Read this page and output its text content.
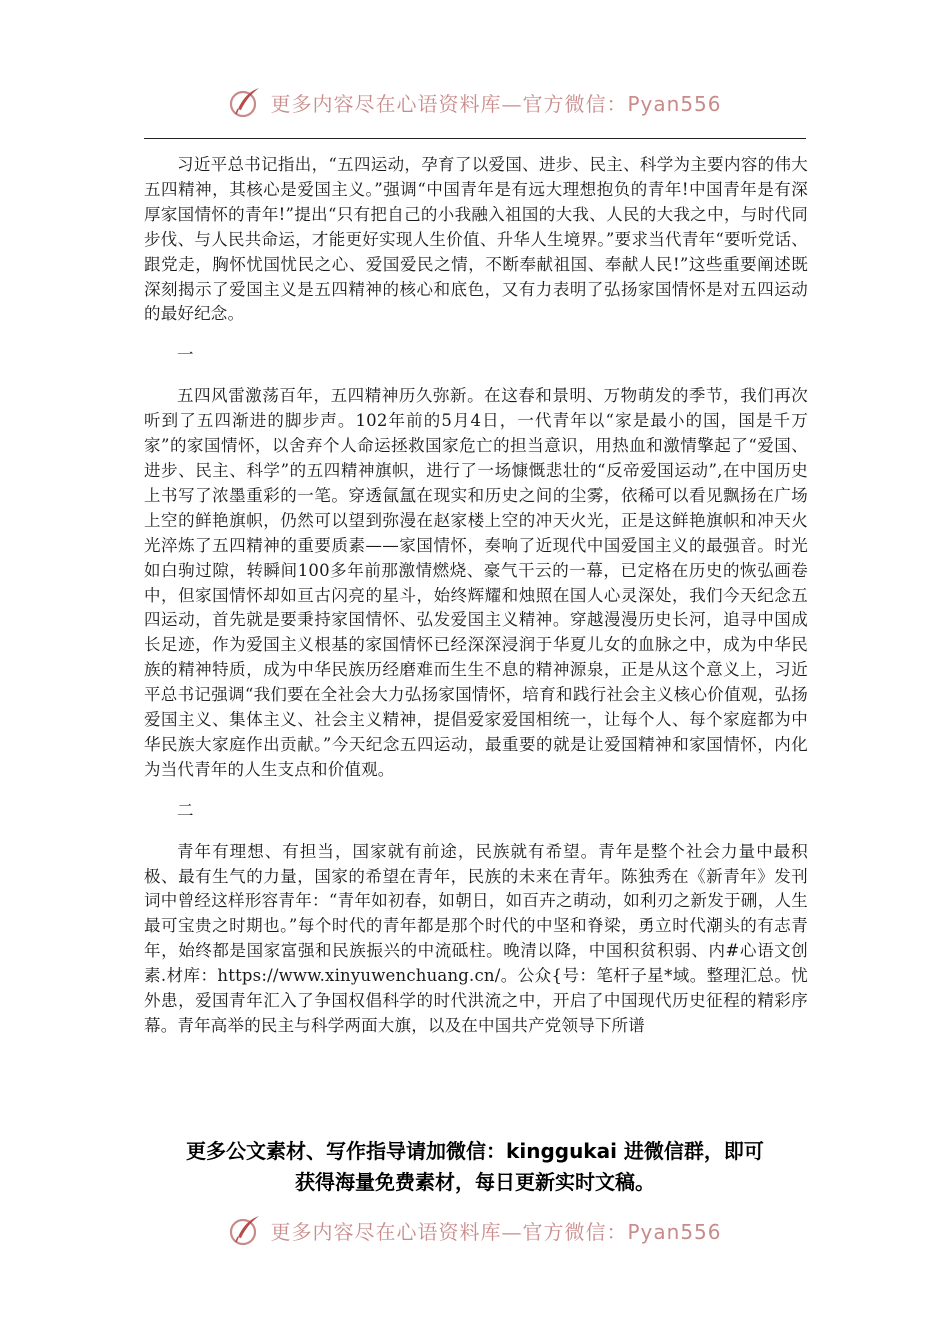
更多内容尽在心语资料库—官方微信：Pyan556

习近平总书记指出，“五四运动，孕育了以爱国、进步、民主、科学为主要内容的伟大五四精神，其核心是爱国主义。”强调“中国青年是有远大理想抱负的青年!中国青年是有深厚家国情怀的青年!”提出“只有把自己的小我融入祖国的大我、人民的大我之中，与时代同步伐、与人民共命运，才能更好实现人生价值、升华人生境界。”要求当代青年“要听党话、跟党走，胸怀忧国忧民之心、爱国爱民之情，不断奉献祖国、奉献人民!”这些重要阐述既深刻揭示了爱国主义是五四精神的核心和底色，又有力表明了弘扬家国情怀是对五四运动的最好纪念。

一

五四风雷激荡百年，五四精神历久弥新。在这春和景明、万物萌发的季节，我们再次听到了五四渐进的脚步声。102年前的5月4日，一代青年以“家是最小的国，国是千万家”的家国情怀，以舍弃个人命运拯救国家危亡的担当意识，用热血和激情擎起了“爱国、进步、民主、科学”的五四精神旗帜，进行了一场慷慨悲壮的“反帝爱国运动”,在中国历史上书写了浓墨重彩的一笔。穿透氤氲在现实和历史之间的尘雾，依稀可以看见飘扬在广场上空的鲜艳旗帜，仍然可以望到弥漫在赵家楼上空的冲天火光，正是这鲜艳旗帜和冲天火光淬炼了五四精神的重要质素——家国情怀，奏响了近现代中国爱国主义的最强音。时光如白驹过隙，转瞬间100多年前那激情燃烧、豪气干云的一幕，已定格在历史的恢弘画卷中，但家国情怀却如亘古闪亮的星斗，始终辉耀和烛照在国人心灵深处，我们今天纪念五四运动，首先就是要秉持家国情怀、弘发爱国主义精神。穿越漫漫历史长河，追寻中国成长足迹，作为爱国主义根基的家国情怀已经深深浸润于华夏儿女的血脉之中，成为中华民族的精神特质，成为中华民族历经磨难而生生不息的精神源泉，正是从这个意义上，习近平总书记强调“我们要在全社会大力弘扬家国情怀，培育和践行社会主义核心价值观，弘扬爱国主义、集体主义、社会主义精神，提倡爱家爱国相统一，让每个人、每个家庭都为中华民族大家庭作出贡献。”今天纪念五四运动，最重要的就是让爱国精神和家国情怀，内化为当代青年的人生支点和价值观。

二

青年有理想、有担当，国家就有前途，民族就有希望。青年是整个社会力量中最积极、最有生气的力量，国家的希望在青年，民族的未来在青年。陈独秀在《新青年》发刊词中曾经这样形容青年：“青年如初春，如朝日，如百卉之萌动，如利刃之新发于硎，人生最可宝贵之时期也。”每个时代的青年都是那个时代的中坚和脊梁，勇立时代潮头的有志青年，始终都是国家富强和民族振兴的中流砥柱。晚清以降，中国积贫积弱、内#心语文创素.材库：https://www.xinyuwenchuang.cn/。公众{号：笔杆子星*域。整理汇总。忧外患，爱国青年汇入了争国权倡科学的时代洪流之中，开启了中国现代历史征程的精彩序幕。青年高举的民主与科学两面大旗，以及在中国共产党领导下所谱

更多公文素材、写作指导请加微信：kinggukai 进微信群，即可
获得海量免费素材，每日更新实时文稿。
更多内容尽在心语资料库—官方微信：Pyan556
